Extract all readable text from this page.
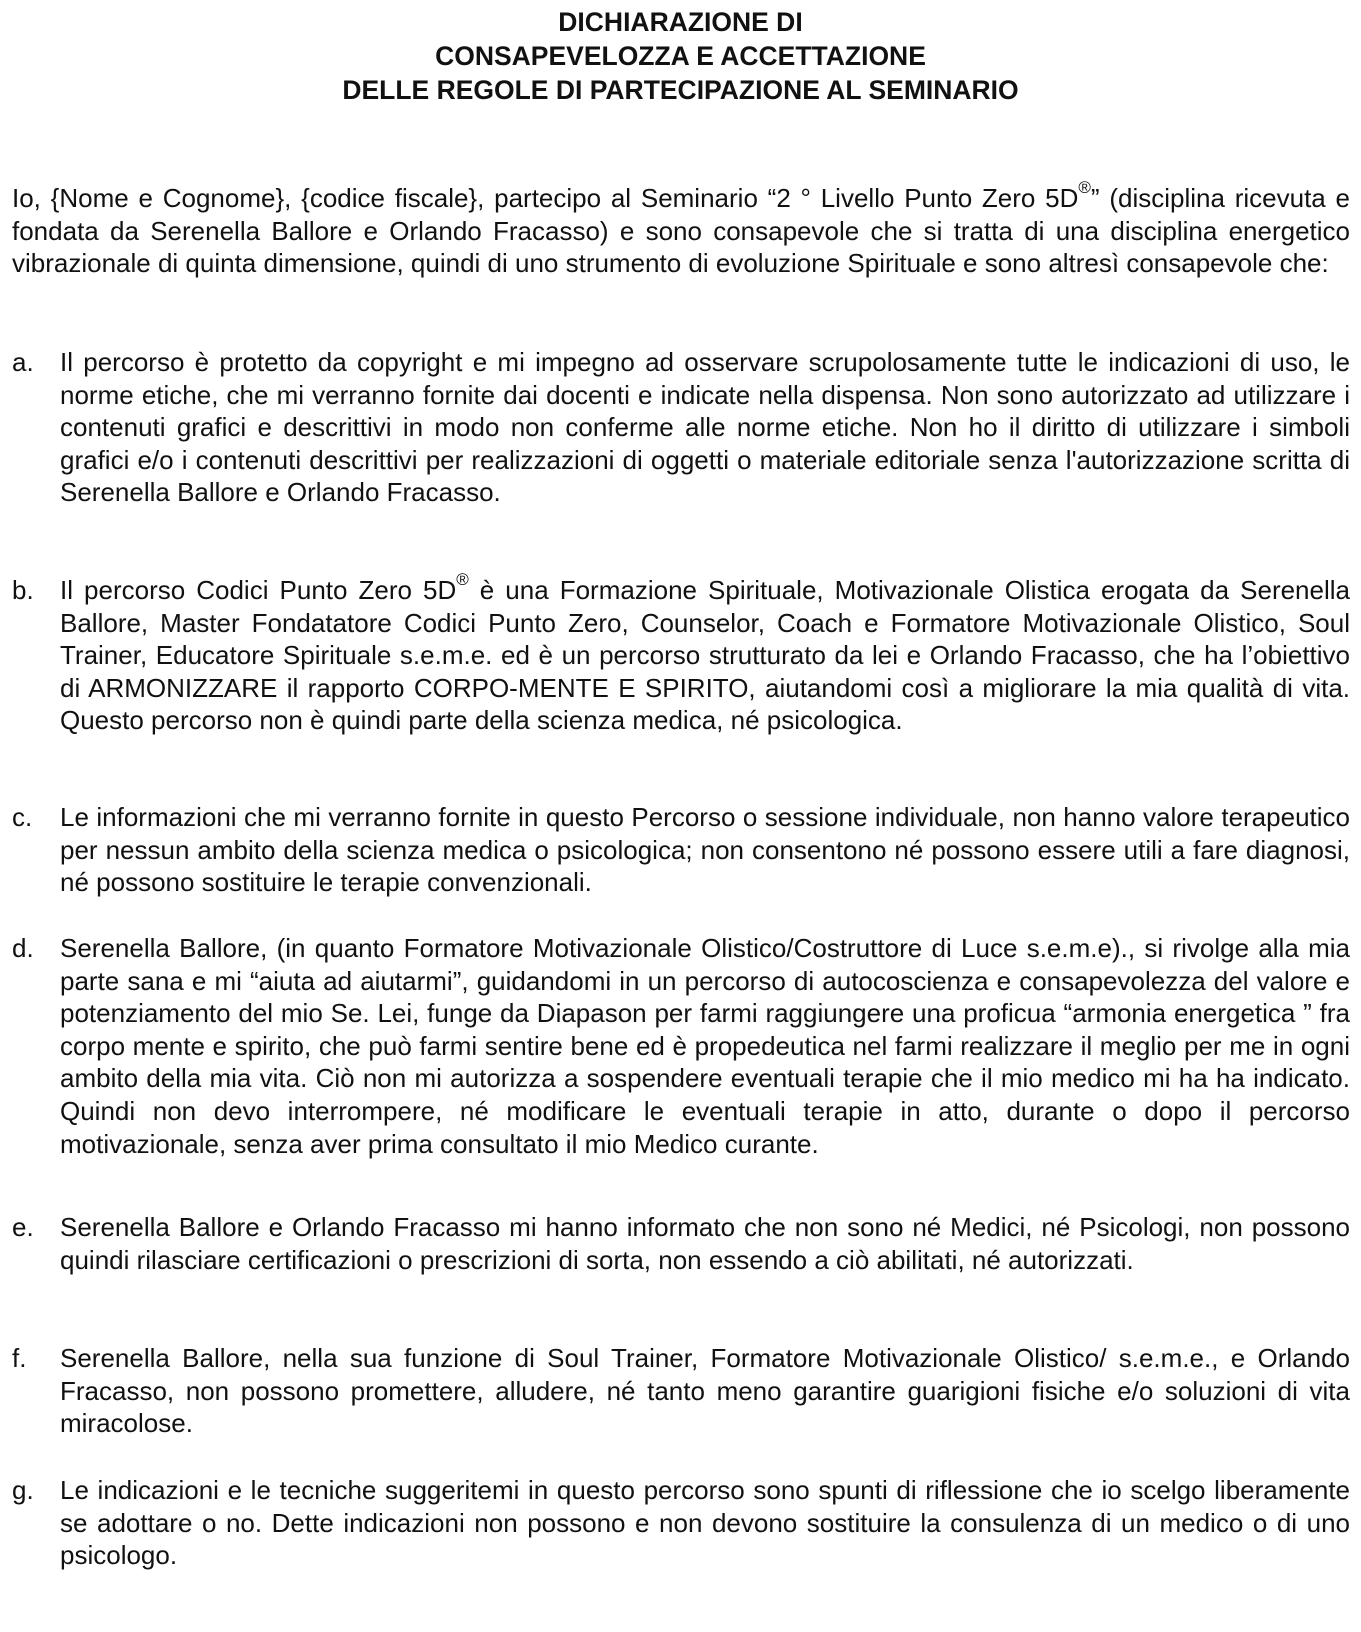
DICHIARAZIONE DI
CONSAPEVELOZZA E ACCETTAZIONE
DELLE REGOLE DI PARTECIPAZIONE AL SEMINARIO
Io, {Nome e Cognome}, {codice fiscale}, partecipo al Seminario “2 ° Livello Punto Zero 5D®” (disciplina ricevuta e fondata da Serenella Ballore e Orlando Fracasso) e sono consapevole che si tratta di una disciplina energetico vibrazionale di quinta dimensione, quindi di uno strumento di evoluzione Spirituale e sono altresì consapevole che:
a.	Il percorso è protetto da copyright e mi impegno ad osservare scrupolosamente tutte le indicazioni di uso, le norme etiche, che mi verranno fornite dai docenti e indicate nella dispensa. Non sono autorizzato ad utilizzare i contenuti grafici e descrittivi in modo non conferme alle norme etiche. Non ho il diritto di utilizzare i simboli grafici e/o i contenuti descrittivi per realizzazioni di oggetti o materiale editoriale senza l'autorizzazione scritta di Serenella Ballore e Orlando Fracasso.
b.	Il percorso Codici Punto Zero 5D® è una Formazione Spirituale, Motivazionale Olistica erogata da Serenella Ballore, Master Fondatatore Codici Punto Zero, Counselor, Coach e Formatore Motivazionale Olistico, Soul Trainer, Educatore Spirituale s.e.m.e. ed è un percorso strutturato da lei e Orlando Fracasso, che ha l’obiettivo di ARMONIZZARE il rapporto CORPO-MENTE E SPIRITO, aiutandomi così a migliorare la mia qualità di vita. Questo percorso non è quindi parte della scienza medica, né psicologica.
c.	Le informazioni che mi verranno fornite in questo Percorso o sessione individuale, non hanno valore terapeutico per nessun ambito della scienza medica o psicologica; non consentono né possono essere utili a fare diagnosi, né possono sostituire le terapie convenzionali.
d.	Serenella Ballore, (in quanto Formatore Motivazionale Olistico/Costruttore di Luce s.e.m.e)., si rivolge alla mia parte sana e mi “aiuta ad aiutarmi”, guidandomi in un percorso di autocoscienza e consapevolezza del valore e potenziamento del mio Se. Lei, funge da Diapason per farmi raggiungere una proficua “armonia energetica ” fra corpo mente e spirito, che può farmi sentire bene ed è propedeutica nel farmi realizzare il meglio per me in ogni ambito della mia vita. Ciò non mi autorizza a sospendere eventuali terapie che il mio medico mi ha ha indicato. Quindi non devo interrompere, né modificare le eventuali terapie in atto, durante o dopo il percorso motivazionale, senza aver prima consultato il mio Medico curante.
e.	Serenella Ballore e Orlando Fracasso mi hanno informato che non sono né Medici, né Psicologi, non possono quindi rilasciare certificazioni o prescrizioni di sorta, non essendo a ciò abilitati, né autorizzati.
f.	Serenella Ballore, nella sua funzione di Soul Trainer, Formatore Motivazionale Olistico/ s.e.m.e., e Orlando Fracasso, non possono promettere, alludere, né tanto meno garantire guarigioni fisiche e/o soluzioni di vita miracolose.
g.	Le indicazioni e le tecniche suggeritemi in questo percorso sono spunti di riflessione che io scelgo liberamente se adottare o no. Dette indicazioni non possono e non devono sostituire la consulenza di un medico o di uno psicologo.
